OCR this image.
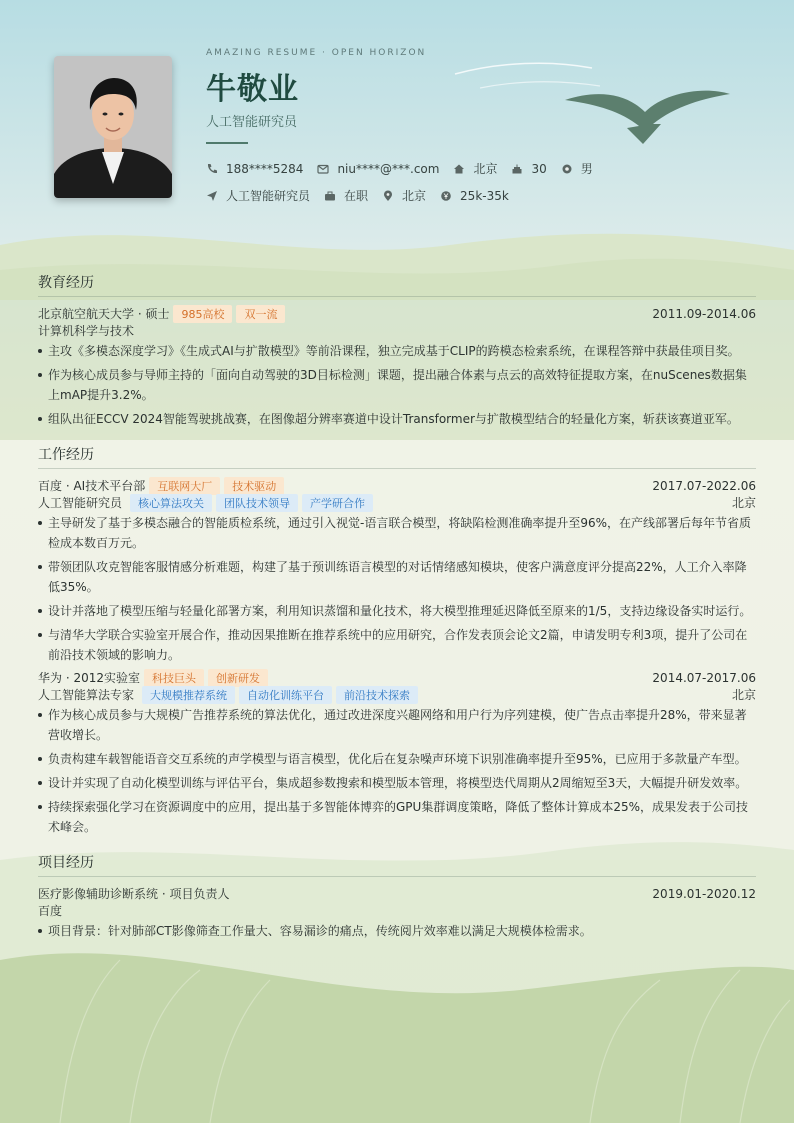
AMAZING RESUME · OPEN HORIZON
牛敬业
人工智能研究员
188****5284	niu****@***.com	北京	30	男
人工智能研究员	在职	北京	25k-35k
教育经历
北京航空航天大学 · 硕士	985高校	双一流	2011.09-2014.06
计算机科学与技术
主攻《多模态深度学习》《生成式AI与扩散模型》等前沿课程，独立完成基于CLIP的跨模态检索系统，在课程答辩中获最佳项目奖。
作为核心成员参与导师主持的「面向自动驾驶的3D目标检测」课题，提出融合体素与点云的高效特征提取方案，在nuScenes数据集上mAP提升3.2%。
组队出征ECCV 2024智能驾驶挑战赛，在图像超分辨率赛道中设计Transformer与扩散模型结合的轻量化方案，斩获该赛道亚军。
工作经历
百度 · AI技术平台部	互联网大厂	技术驱动	2017.07-2022.06
人工智能研究员	核心算法攻关	团队技术领导	产学研合作	北京
主导研发了基于多模态融合的智能质检系统，通过引入视觉-语言联合模型，将缺陷检测准确率提升至96%，在产线部署后每年节省质检成本数百万元。
带领团队攻克智能客服情感分析难题，构建了基于预训练语言模型的对话情绪感知模块，使客户满意度评分提高22%，人工介入率降低35%。
设计并落地了模型压缩与轻量化部署方案，利用知识蒸馏和量化技术，将大模型推理延迟降低至原来的1/5，支持边缘设备实时运行。
与清华大学联合实验室开展合作，推动因果推断在推荐系统中的应用研究，合作发表顶会论文2篇，申请发明专利3项，提升了公司在前沿技术领域的影响力。
华为 · 2012实验室	科技巨头	创新研发	2014.07-2017.06
人工智能算法专家	大规模推荐系统	自动化训练平台	前沿技术探索	北京
作为核心成员参与大规模广告推荐系统的算法优化，通过改进深度兴趣网络和用户行为序列建模，使广告点击率提升28%，带来显著营收增长。
负责构建车载智能语音交互系统的声学模型与语言模型，优化后在复杂噪声环境下识别准确率提升至95%，已应用于多款量产车型。
设计并实现了自动化模型训练与评估平台，集成超参数搜索和模型版本管理，将模型迭代周期从2周缩短至3天，大幅提升研发效率。
持续探索强化学习在资源调度中的应用，提出基于多智能体博弈的GPU集群调度策略，降低了整体计算成本25%，成果发表于公司技术峰会。
项目经历
医疗影像辅助诊断系统 · 项目负责人	2019.01-2020.12
百度
项目背景：针对肺部CT影像筛查工作量大、容易漏诊的痛点，传统阅片效率难以满足大规模体检需求。
